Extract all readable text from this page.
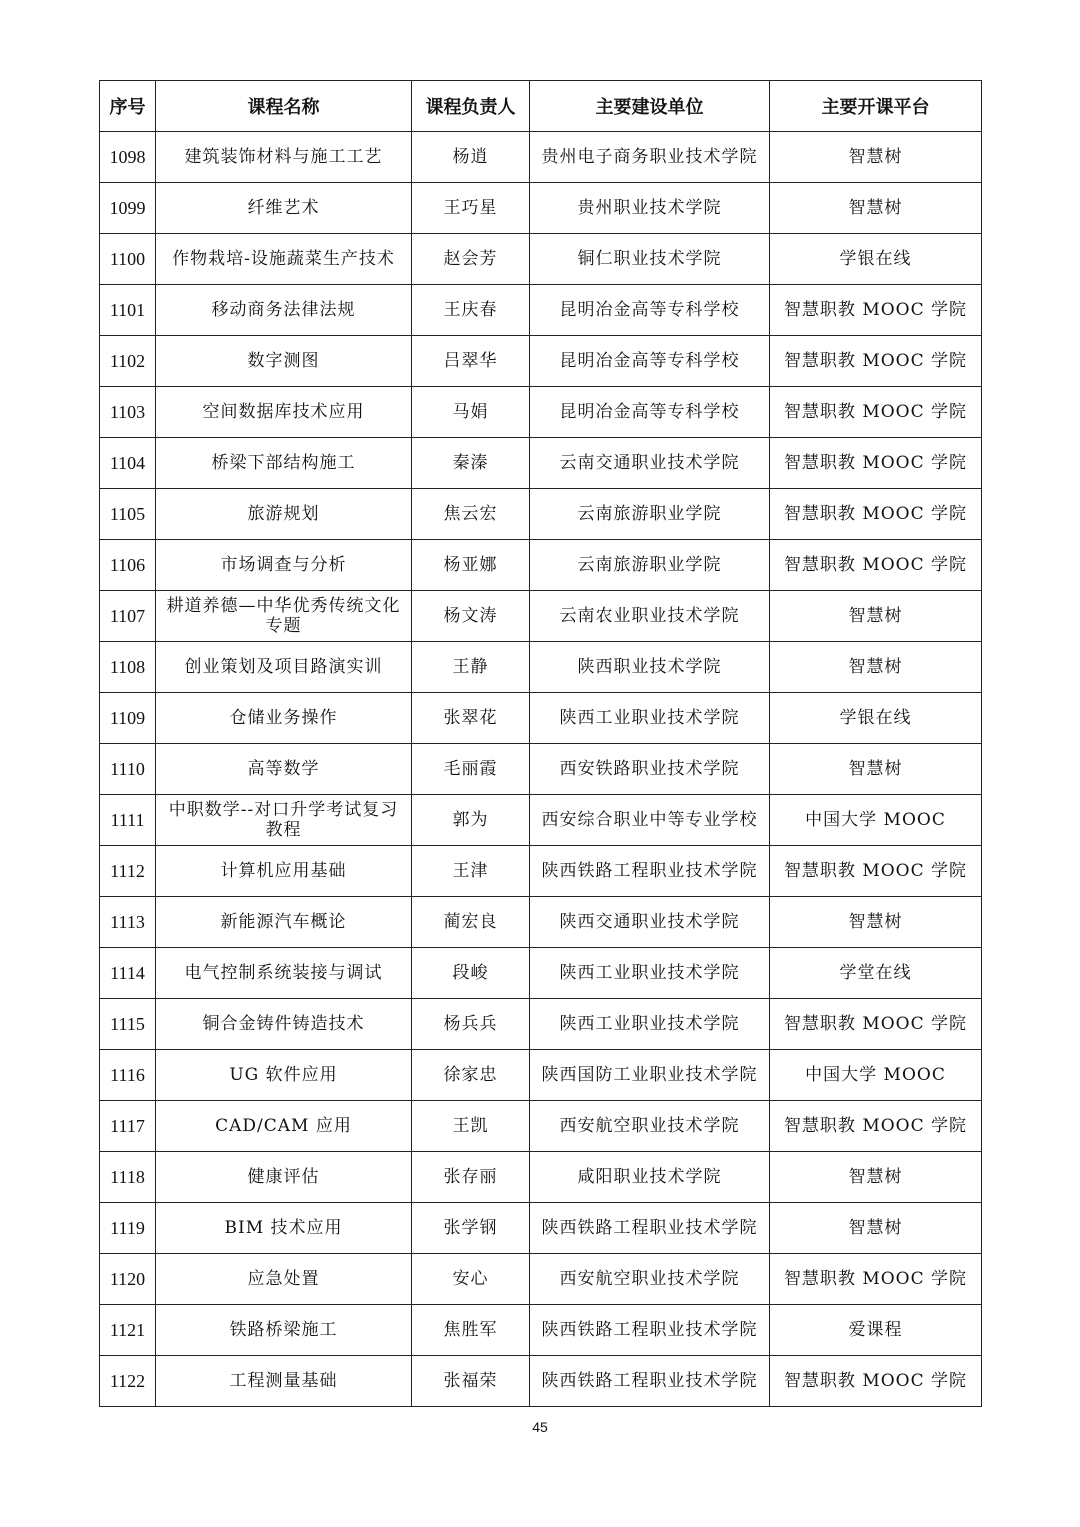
序号	课程名称	课程负责人	主要建设单位	主要开课平台
1098	建筑装饰材料与施工工艺	杨逍	贵州电子商务职业技术学院	智慧树
1099	纤维艺术	王巧星	贵州职业技术学院	智慧树
1100	作物栽培-设施蔬菜生产技术	赵会芳	铜仁职业技术学院	学银在线
1101	移动商务法律法规	王庆春	昆明冶金高等专科学校	智慧职教 MOOC 学院
1102	数字测图	吕翠华	昆明冶金高等专科学校	智慧职教 MOOC 学院
1103	空间数据库技术应用	马娟	昆明冶金高等专科学校	智慧职教 MOOC 学院
1104	桥梁下部结构施工	秦溱	云南交通职业技术学院	智慧职教 MOOC 学院
1105	旅游规划	焦云宏	云南旅游职业学院	智慧职教 MOOC 学院
1106	市场调查与分析	杨亚娜	云南旅游职业学院	智慧职教 MOOC 学院
1107	耕道养德—中华优秀传统文化专题	杨文涛	云南农业职业技术学院	智慧树
1108	创业策划及项目路演实训	王静	陕西职业技术学院	智慧树
1109	仓储业务操作	张翠花	陕西工业职业技术学院	学银在线
1110	高等数学	毛丽霞	西安铁路职业技术学院	智慧树
1111	中职数学--对口升学考试复习教程	郭为	西安综合职业中等专业学校	中国大学 MOOC
1112	计算机应用基础	王津	陕西铁路工程职业技术学院	智慧职教 MOOC 学院
1113	新能源汽车概论	蔺宏良	陕西交通职业技术学院	智慧树
1114	电气控制系统装接与调试	段峻	陕西工业职业技术学院	学堂在线
1115	铜合金铸件铸造技术	杨兵兵	陕西工业职业技术学院	智慧职教 MOOC 学院
1116	UG 软件应用	徐家忠	陕西国防工业职业技术学院	中国大学 MOOC
1117	CAD/CAM 应用	王凯	西安航空职业技术学院	智慧职教 MOOC 学院
1118	健康评估	张存丽	咸阳职业技术学院	智慧树
1119	BIM 技术应用	张学钢	陕西铁路工程职业技术学院	智慧树
1120	应急处置	安心	西安航空职业技术学院	智慧职教 MOOC 学院
1121	铁路桥梁施工	焦胜军	陕西铁路工程职业技术学院	爱课程
1122	工程测量基础	张福荣	陕西铁路工程职业技术学院	智慧职教 MOOC 学院
45
